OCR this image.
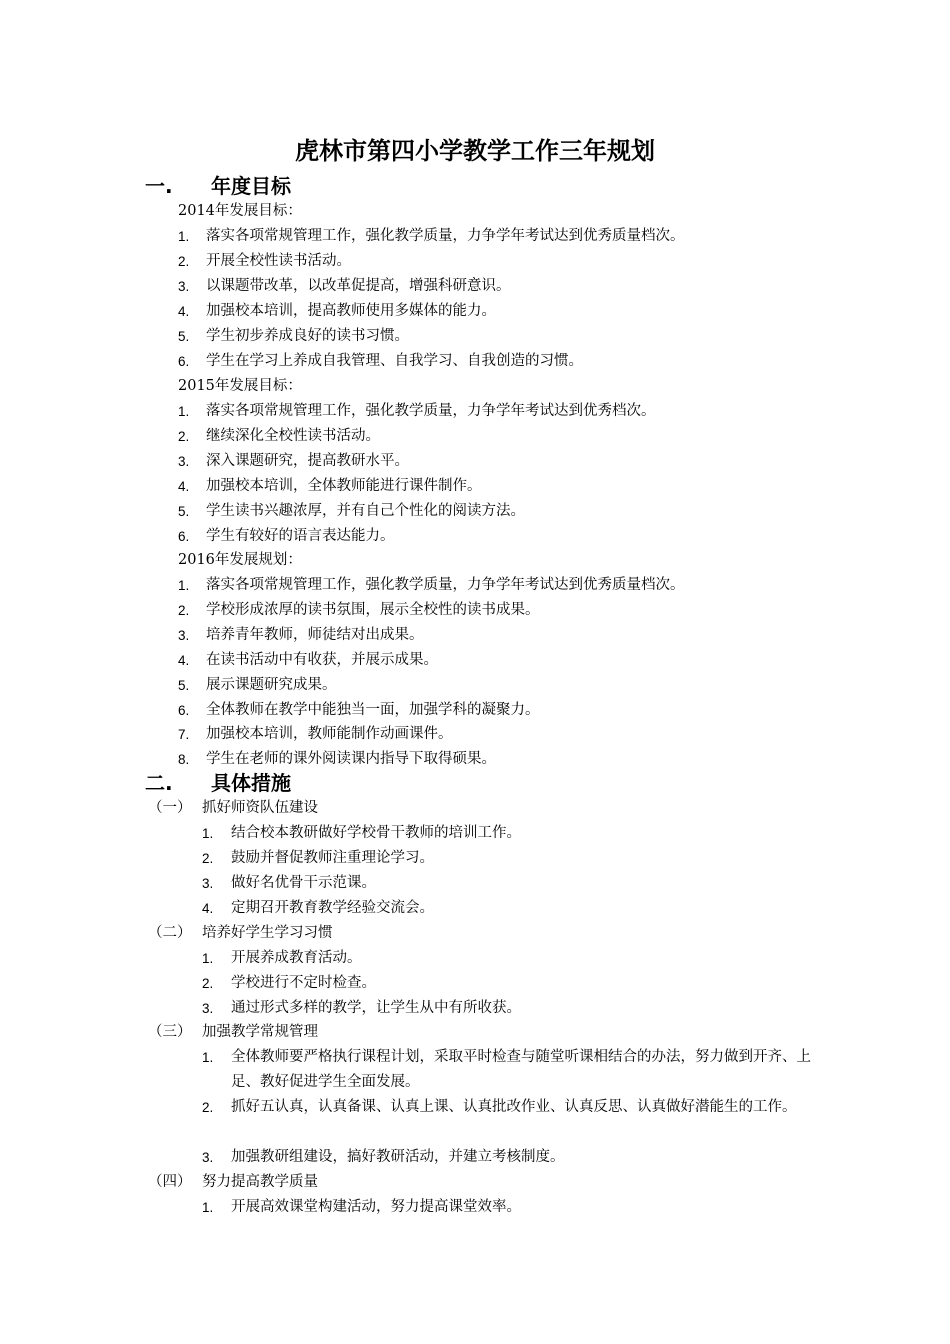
虎林市第四小学教学工作三年规划
一. 年度目标
2014年发展目标：
1. 落实各项常规管理工作，强化教学质量，力争学年考试达到优秀质量档次。
2. 开展全校性读书活动。
3. 以课题带改革，以改革促提高，增强科研意识。
4. 加强校本培训，提高教师使用多媒体的能力。
5. 学生初步养成良好的读书习惯。
6. 学生在学习上养成自我管理、自我学习、自我创造的习惯。
2015年发展目标：
1. 落实各项常规管理工作，强化教学质量，力争学年考试达到优秀档次。
2. 继续深化全校性读书活动。
3. 深入课题研究，提高教研水平。
4. 加强校本培训，全体教师能进行课件制作。
5. 学生读书兴趣浓厚，并有自己个性化的阅读方法。
6. 学生有较好的语言表达能力。
2016年发展规划：
1. 落实各项常规管理工作，强化教学质量，力争学年考试达到优秀质量档次。
2. 学校形成浓厚的读书氛围，展示全校性的读书成果。
3. 培养青年教师，师徒结对出成果。
4. 在读书活动中有收获，并展示成果。
5. 展示课题研究成果。
6. 全体教师在教学中能独当一面，加强学科的凝聚力。
7. 加强校本培训，教师能制作动画课件。
8. 学生在老师的课外阅读课内指导下取得硕果。
二. 具体措施
（一） 抓好师资队伍建设
1. 结合校本教研做好学校骨干教师的培训工作。
2. 鼓励并督促教师注重理论学习。
3. 做好名优骨干示范课。
4. 定期召开教育教学经验交流会。
（二） 培养好学生学习习惯
1. 开展养成教育活动。
2. 学校进行不定时检查。
3. 通过形式多样的教学，让学生从中有所收获。
（三） 加强教学常规管理
1. 全体教师要严格执行课程计划，采取平时检查与随堂听课相结合的办法，努力做到开齐、上足、教好促进学生全面发展。
2. 抓好五认真，认真备课、认真上课、认真批改作业、认真反思、认真做好潜能生的工作。
3. 加强教研组建设，搞好教研活动，并建立考核制度。
（四） 努力提高教学质量
1. 开展高效课堂构建活动，努力提高课堂效率。
